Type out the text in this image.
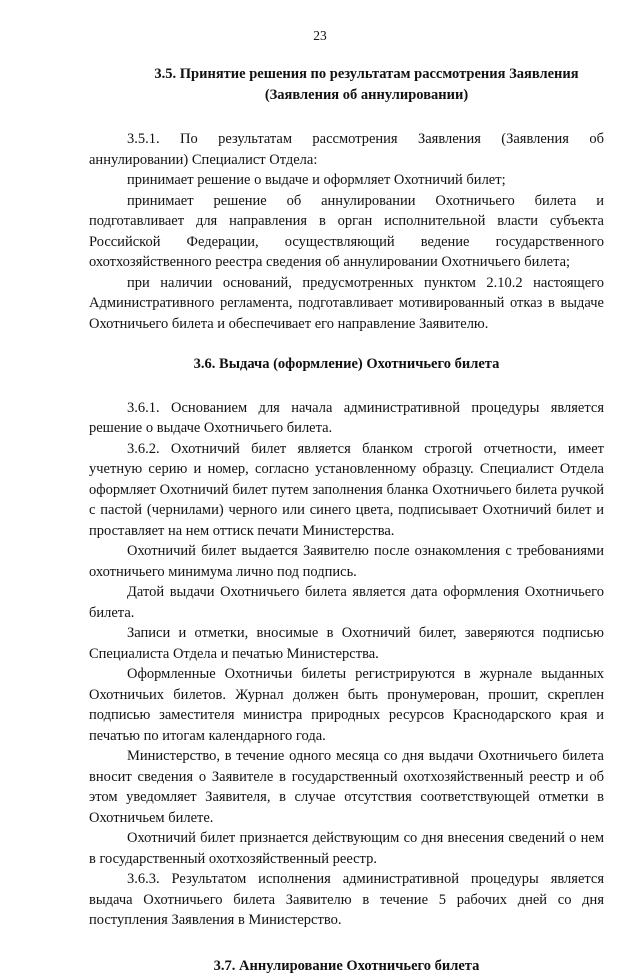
23
3.5. Принятие решения по результатам рассмотрения Заявления (Заявления об аннулировании)

3.5.1. По результатам рассмотрения Заявления (Заявления об аннулировании) Специалист Отдела:

принимает решение о выдаче и оформляет Охотничий билет;

принимает решение об аннулировании Охотничьего билета и подготавливает для направления в орган исполнительной власти субъекта Российской Федерации, осуществляющий ведение государственного охотхозяйственного реестра сведения об аннулировании Охотничьего билета;

при наличии оснований, предусмотренных пунктом 2.10.2 настоящего Административного регламента, подготавливает мотивированный отказ в выдаче Охотничьего билета и обеспечивает его направление Заявителю.

3.6. Выдача (оформление) Охотничьего билета

3.6.1. Основанием для начала административной процедуры является решение о выдаче Охотничьего билета.

3.6.2. Охотничий билет является бланком строгой отчетности, имеет учетную серию и номер, согласно установленному образцу. Специалист Отдела оформляет Охотничий билет путем заполнения бланка Охотничьего билета ручкой с пастой (чернилами) черного или синего цвета, подписывает Охотничий билет и проставляет на нем оттиск печати Министерства.

Охотничий билет выдается Заявителю после ознакомления с требованиями охотничьего минимума лично под подпись.

Датой выдачи Охотничьего билета является дата оформления Охотничьего билета.

Записи и отметки, вносимые в Охотничий билет, заверяются подписью Специалиста Отдела и печатью Министерства.

Оформленные Охотничьи билеты регистрируются в журнале выданных Охотничьих билетов. Журнал должен быть пронумерован, прошит, скреплен подписью заместителя министра природных ресурсов Краснодарского края и печатью по итогам календарного года.

Министерство, в течение одного месяца со дня выдачи Охотничьего билета вносит сведения о Заявителе в государственный охотхозяйственный реестр и об этом уведомляет Заявителя, в случае отсутствия соответствующей отметки в Охотничьем билете.

Охотничий билет признается действующим со дня внесения сведений о нем в государственный охотхозяйственный реестр.

3.6.3. Результатом исполнения административной процедуры является выдача Охотничьего билета Заявителю в течение 5 рабочих дней со дня поступления Заявления в Министерство.

3.7. Аннулирование Охотничьего билета
